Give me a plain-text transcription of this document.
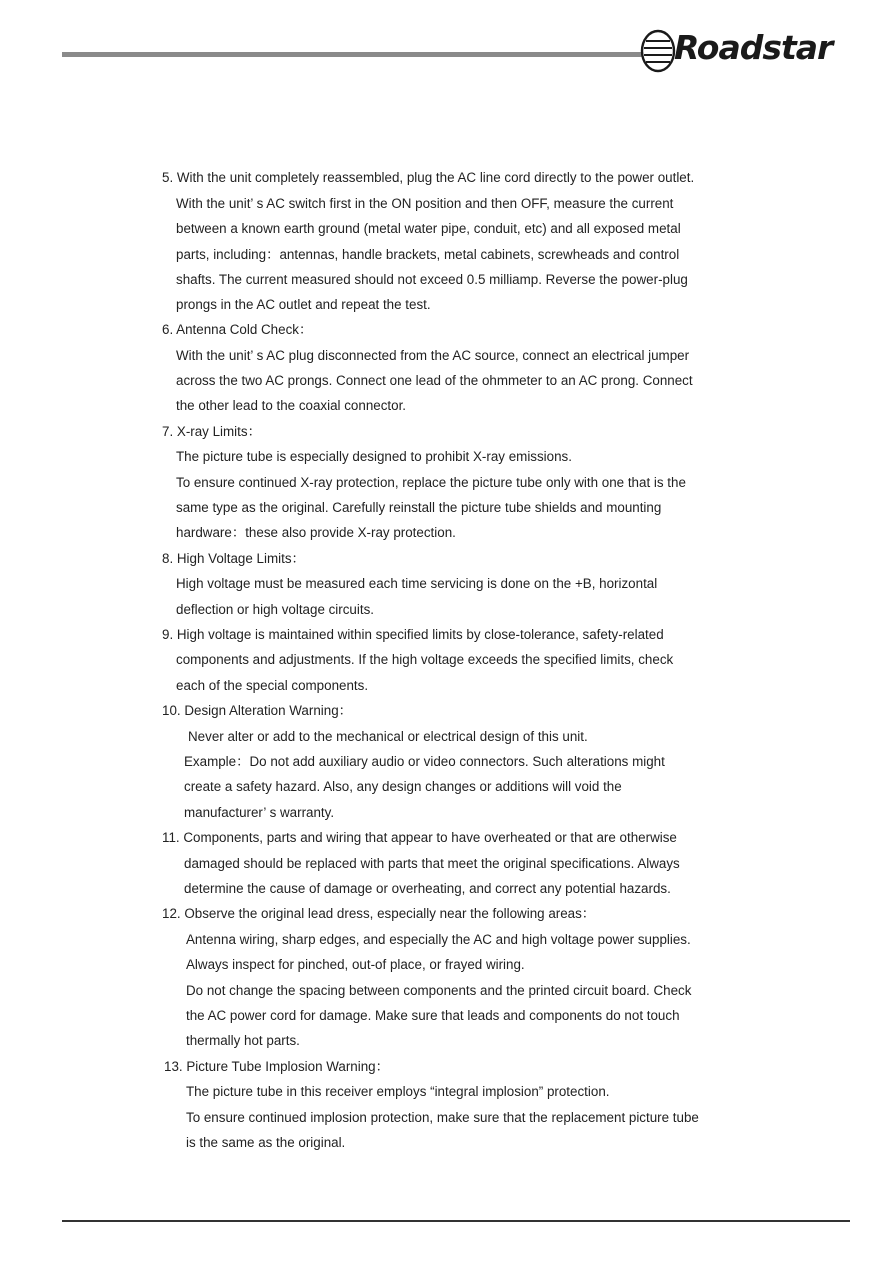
Roadstar
5. With the unit completely reassembled, plug the AC line cord directly to the power outlet.
With the unit’ s AC switch first in the ON position and then OFF, measure the current
between a known earth ground (metal water pipe, conduit, etc) and all exposed metal
parts, including：antennas, handle brackets, metal cabinets, screwheads and control
shafts. The current measured should not exceed 0.5 milliamp. Reverse the power-plug
prongs in the AC outlet and repeat the test.
6. Antenna Cold Check：
With the unit’ s AC plug disconnected from the AC source, connect an electrical jumper
across the two AC prongs. Connect one lead of the ohmmeter to an AC prong. Connect
the other lead to the coaxial connector.
7. X-ray Limits：
The picture tube is especially designed to prohibit X-ray emissions.
To ensure continued X-ray protection, replace the picture tube only with one that is the
same type as the original. Carefully reinstall the picture tube shields and mounting
hardware：these also provide X-ray protection.
8. High Voltage Limits：
High voltage must be measured each time servicing is done on the +B, horizontal
deflection or high voltage circuits.
9. High voltage is maintained within specified limits by close-tolerance, safety-related
components and adjustments. If the high voltage exceeds the specified limits, check
each of the special components.
10. Design Alteration Warning：
Never alter or add to the mechanical or electrical design of this unit.
Example：Do not add auxiliary audio or video connectors. Such alterations might
create a safety hazard. Also, any design changes or additions will void the
manufacturer’ s warranty.
11. Components, parts and wiring that appear to have overheated or that are otherwise
damaged should be replaced with parts that meet the original specifications. Always
determine the cause of damage or overheating, and correct any potential hazards.
12. Observe the original lead dress, especially near the following areas：
Antenna wiring, sharp edges, and especially the AC and high voltage power supplies.
Always inspect for pinched, out-of place, or frayed wiring.
Do not change the spacing between components and the printed circuit board. Check
the AC power cord for damage. Make sure that leads and components do not touch
thermally hot parts.
13. Picture Tube Implosion Warning：
The picture tube in this receiver employs “integral implosion” protection.
To ensure continued implosion protection, make sure that the replacement picture tube
is the same as the original.
